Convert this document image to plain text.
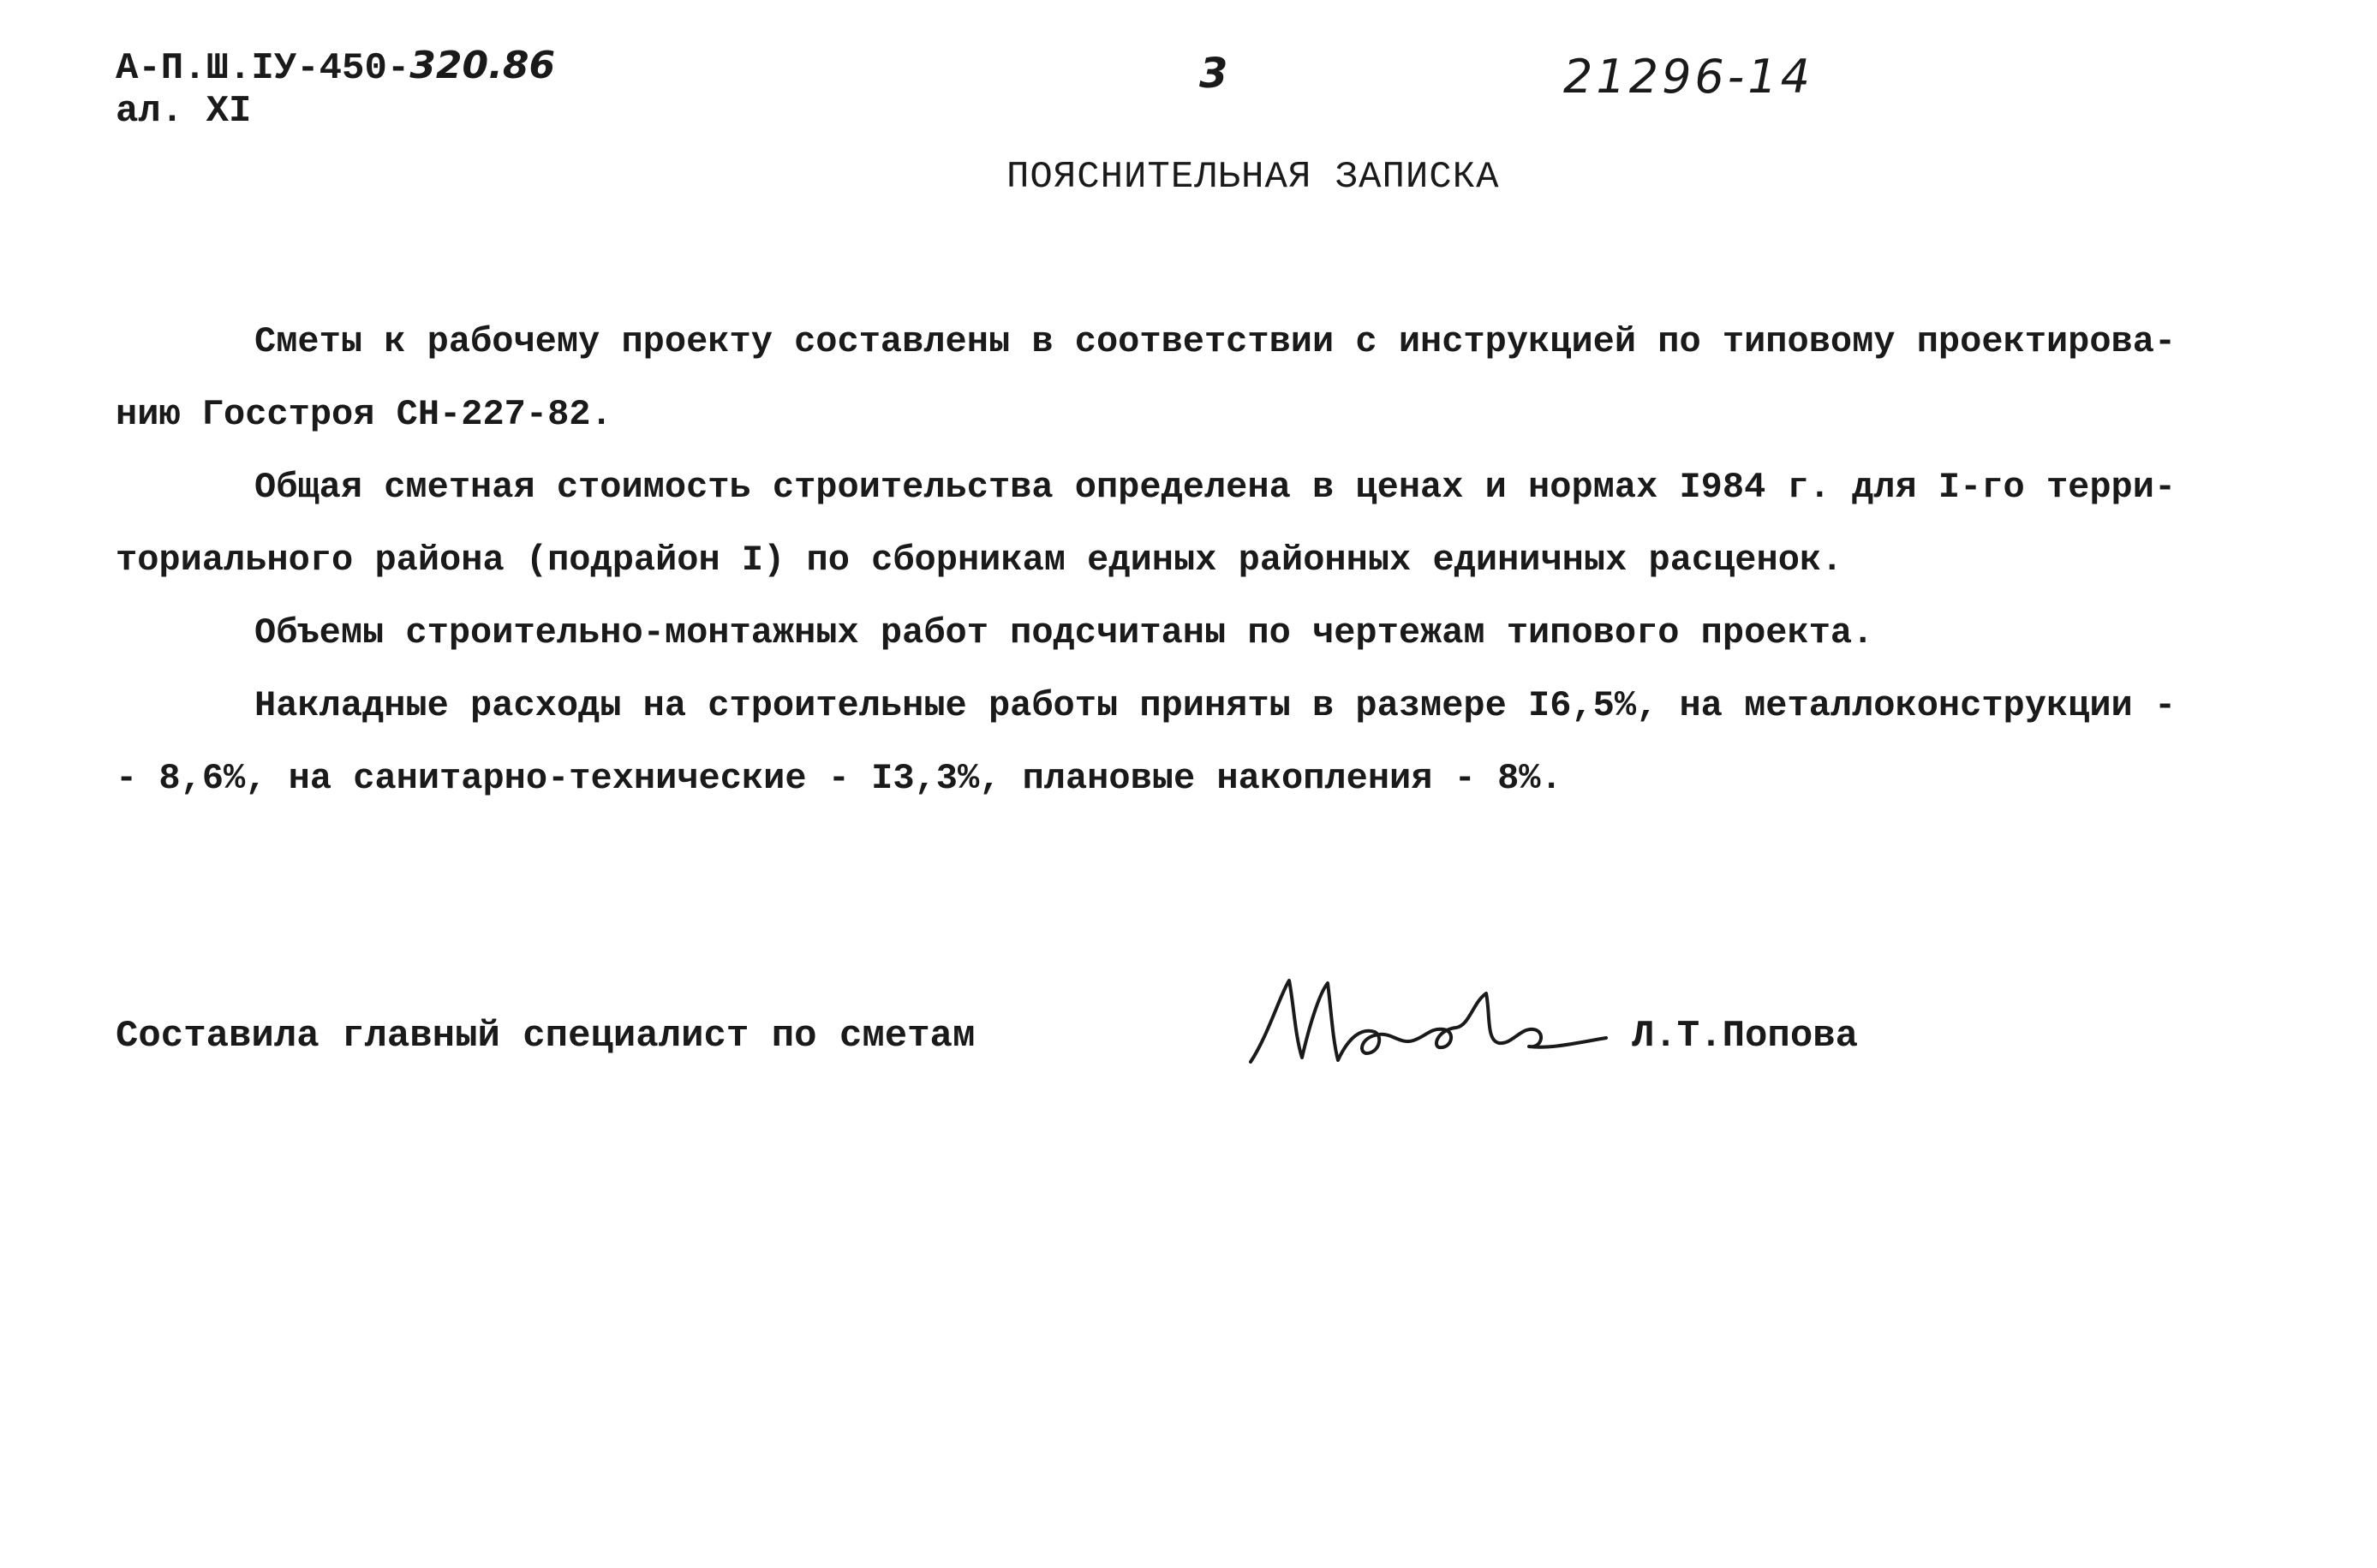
А-П.Ш.IУ-450-320.86
ал. XI
3	21296-14
ПОЯСНИТЕЛЬНАЯ ЗАПИСКА
Сметы к рабочему проекту составлены в соответствии с инструкцией по типовому проектирова-
нию Госстроя СН-227-82.
Общая сметная стоимость строительства определена в ценах и нормах I984 г. для I-го терри-
ториального района (подрайон I) по сборникам единых районных единичных расценок.
Объемы строительно-монтажных работ подсчитаны по чертежам типового проекта.
Накладные расходы на строительные работы приняты в размере I6,5%, на металлоконструкции -
- 8,6%, на санитарно-технические - I3,3%, плановые накопления - 8%.
Составила главный специалист по сметам	Л.Т.Попова
